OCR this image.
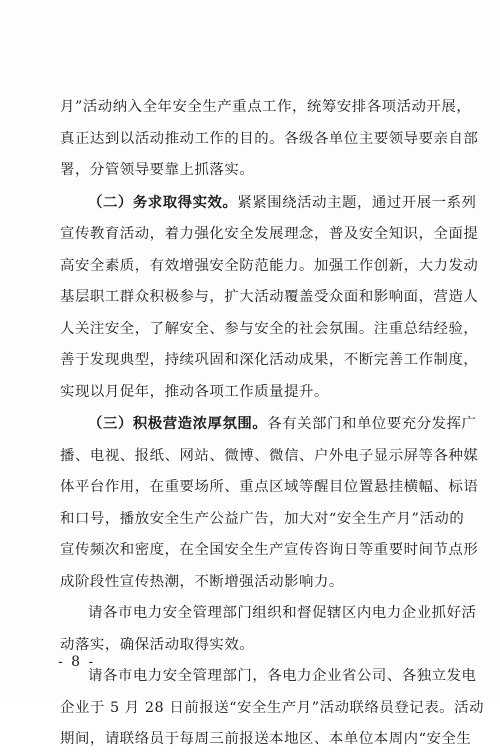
月”活动纳入全年安全生产重点工作，统筹安排各项活动开展，
真正达到以活动推动工作的目的。各级各单位主要领导要亲自部
署，分管领导要靠上抓落实。

（二）务求取得实效。紧紧围绕活动主题，通过开展一系列
宣传教育活动，着力强化安全发展理念，普及安全知识，全面提
高安全素质，有效增强安全防范能力。加强工作创新，大力发动
基层职工群众积极参与，扩大活动覆盖受众面和影响面，营造人
人关注安全，了解安全、参与安全的社会氛围。注重总结经验，
善于发现典型，持续巩固和深化活动成果，不断完善工作制度，
实现以月促年，推动各项工作质量提升。

（三）积极营造浓厚氛围。各有关部门和单位要充分发挥广
播、电视、报纸、网站、微博、微信、户外电子显示屏等各种媒
体平台作用，在重要场所、重点区域等醒目位置悬挂横幅、标语
和口号，播放安全生产公益广告，加大对“安全生产月”活动的
宣传频次和密度，在全国安全生产宣传咨询日等重要时间节点形
成阶段性宣传热潮，不断增强活动影响力。

请各市电力安全管理部门组织和督促辖区内电力企业抓好活
动落实，确保活动取得实效。

请各市电力安全管理部门，各电力企业省公司、各独立发电
企业于 5 月 28 日前报送“安全生产月”活动联络员登记表。活动
期间，请联络员于每周三前报送本地区、本单位本周内“安全生

- 8 -
